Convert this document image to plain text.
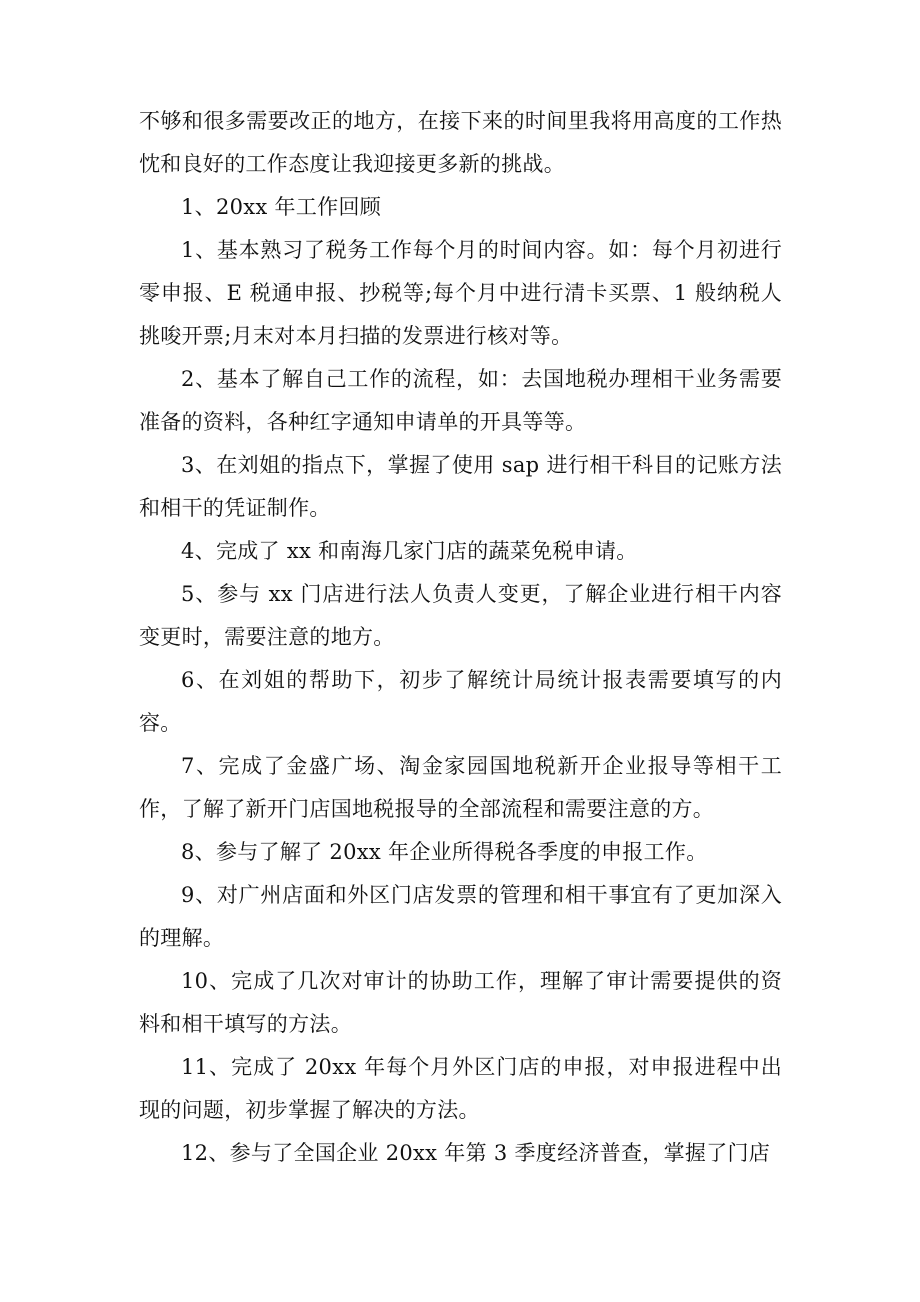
不够和很多需要改正的地方，在接下来的时间里我将用高度的工作热忱和良好的工作态度让我迎接更多新的挑战。

1、20xx 年工作回顾

1、基本熟习了税务工作每个月的时间内容。如：每个月初进行零申报、E 税通申报、抄税等;每个月中进行清卡买票、1 般纳税人挑唆开票;月末对本月扫描的发票进行核对等。

2、基本了解自己工作的流程，如：去国地税办理相干业务需要准备的资料，各种红字通知申请单的开具等等。

3、在刘姐的指点下，掌握了使用 sap 进行相干科目的记账方法和相干的凭证制作。

4、完成了 xx 和南海几家门店的蔬菜免税申请。

5、参与 xx 门店进行法人负责人变更，了解企业进行相干内容变更时，需要注意的地方。

6、在刘姐的帮助下，初步了解统计局统计报表需要填写的内容。

7、完成了金盛广场、淘金家园国地税新开企业报导等相干工作，了解了新开门店国地税报导的全部流程和需要注意的方。

8、参与了解了 20xx 年企业所得税各季度的申报工作。

9、对广州店面和外区门店发票的管理和相干事宜有了更加深入的理解。

10、完成了几次对审计的协助工作，理解了审计需要提供的资料和相干填写的方法。

11、完成了 20xx 年每个月外区门店的申报，对申报进程中出现的问题，初步掌握了解决的方法。

12、参与了全国企业 20xx 年第 3 季度经济普查，掌握了门店
